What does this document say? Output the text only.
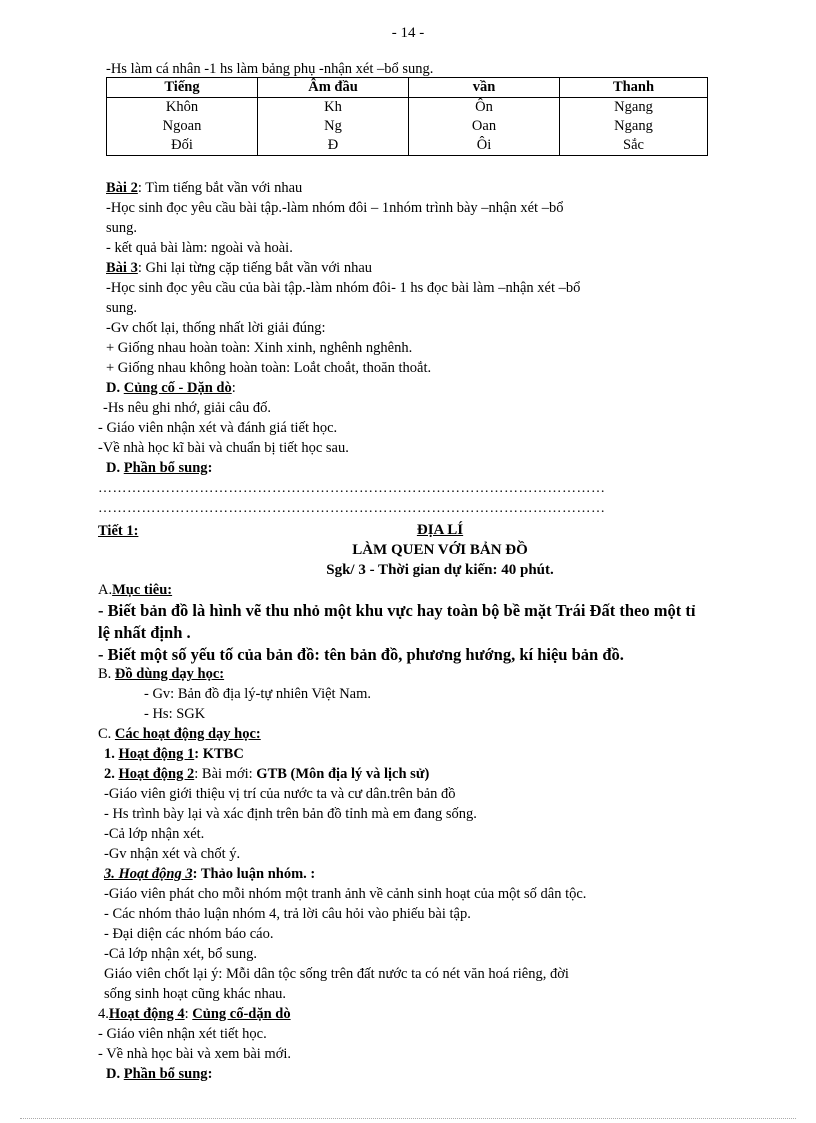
- 14 -
-Hs làm cá nhân -1 hs làm bảng phụ -nhận xét –bổ sung.
Tiếng	Âm đầu	vần	Thanh
Khôn	Kh	Ôn	Ngang
Ngoan	Ng	Oan	Ngang
Đối	Đ	Ôi	Sắc
Bài 2: Tìm tiếng bắt vần với nhau
-Học sinh đọc yêu cầu bài tập.-làm nhóm đôi – 1nhóm trình bày –nhận xét –bổ
sung.
- kết quả bài làm: ngoài và hoài.
Bài 3: Ghi lại từng cặp tiếng bắt vần với nhau
-Học sinh đọc yêu cầu của bài tập.-làm nhóm đôi- 1 hs đọc bài làm –nhận xét –bổ
sung.
-Gv chốt lại, thống nhất lời giải đúng:
+ Giống nhau hoàn toàn: Xinh xinh, nghênh nghênh.
+ Giống nhau không hoàn toàn: Loắt choắt, thoăn thoắt.
D. Củng cố - Dặn dò:
-Hs nêu ghi nhớ, giải câu đố.
- Giáo viên nhận xét và đánh giá tiết học.
-Về nhà học kĩ bài và chuẩn bị tiết học sau.
D. Phần bổ sung:
……………………………………………………………………………………………
……………………………………………………………………………………………
Tiết 1:	ĐỊA LÍ
LÀM QUEN VỚI BẢN ĐỒ
Sgk/ 3 - Thời gian dự kiến: 40 phút.
A.Mục tiêu:
- Biết bản đồ là hình vẽ thu nhỏ một khu vực hay toàn bộ bề mặt Trái Đất theo một tỉ
lệ nhất định .
- Biết một số yếu tố của bản đồ: tên bản đồ, phương hướng, kí hiệu bản đồ.
B. Đồ dùng dạy học:
- Gv: Bản đồ địa lý-tự nhiên Việt Nam.
- Hs: SGK
C. Các hoạt động dạy học:
1. Hoạt động 1: KTBC
2. Hoạt động 2: Bài mới: GTB (Môn địa lý và lịch sử)
-Giáo viên giới thiệu vị trí của nước ta và cư dân.trên bản đồ
- Hs trình bày lại và xác định trên bản đồ tỉnh mà em đang sống.
-Cả lớp nhận xét.
-Gv nhận xét và chốt ý.
3. Hoạt động 3: Thảo luận nhóm. :
-Giáo viên phát cho mỗi nhóm một tranh ảnh về cảnh sinh hoạt của một số dân tộc.
- Các nhóm thảo luận nhóm 4, trả lời câu hỏi vào phiếu bài tập.
- Đại diện các nhóm báo cáo.
-Cả lớp nhận xét, bổ sung.
Giáo viên chốt lại ý: Mỗi dân tộc sống trên đất nước ta có nét văn hoá riêng, đời
sống sinh hoạt cũng khác nhau.
4.Hoạt động 4: Củng cố-dặn dò
- Giáo viên nhận xét tiết học.
- Về nhà học bài và xem bài mới.
D. Phần bổ sung:
